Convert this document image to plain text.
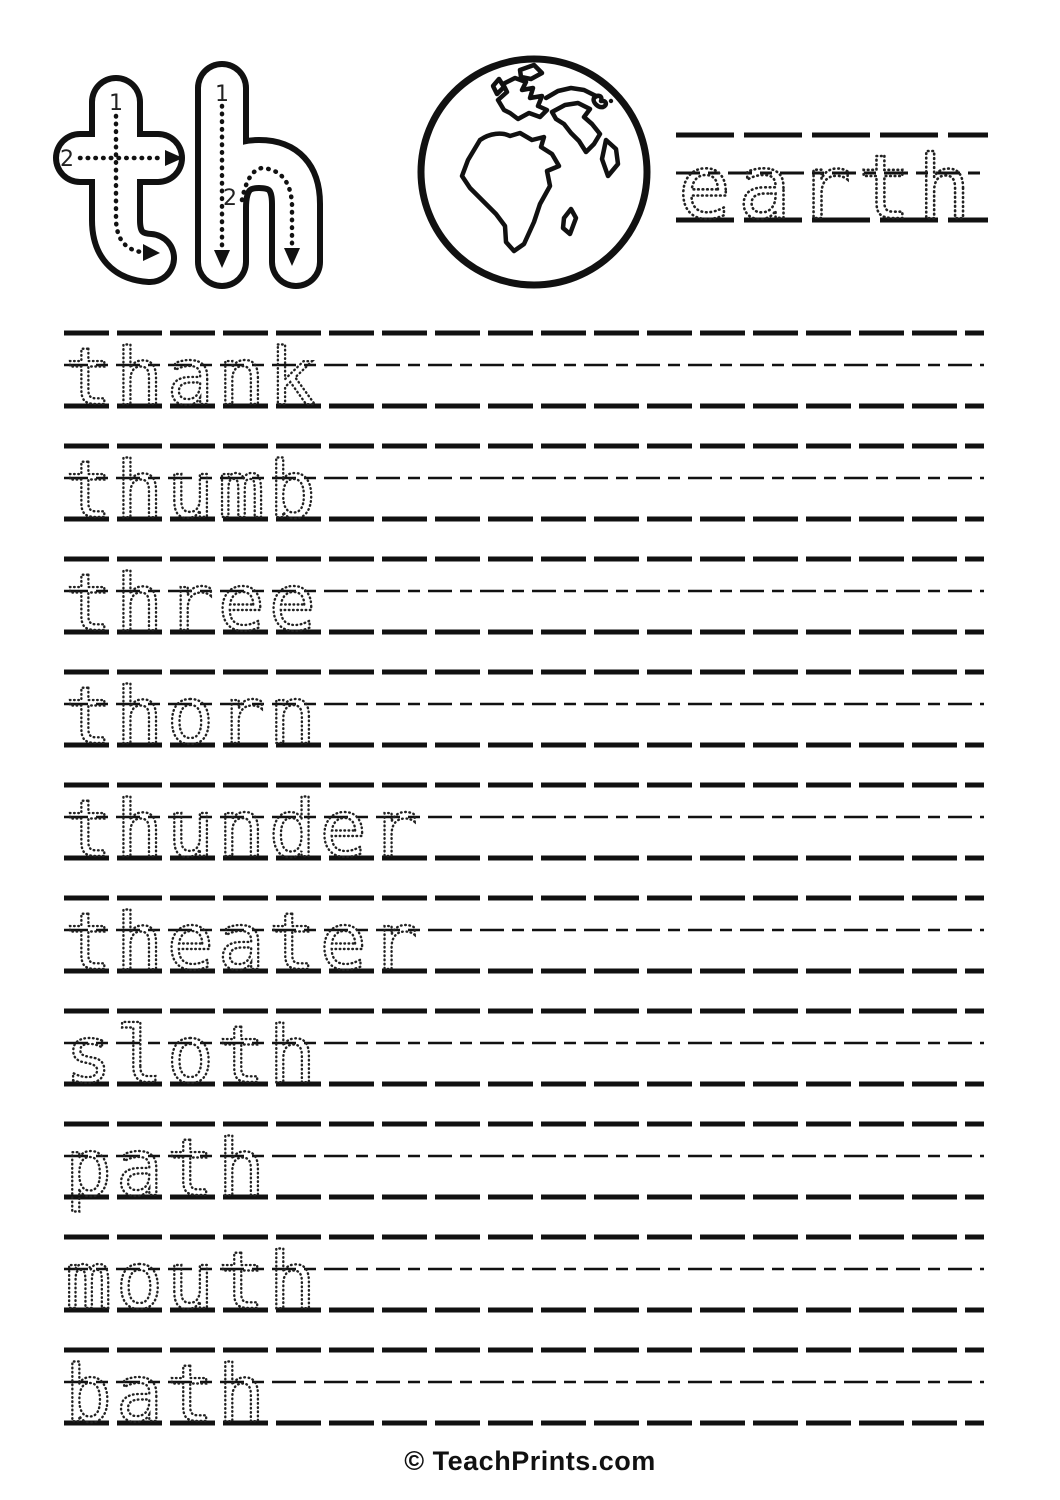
1
2
1
2	earth
thank
thumb
three
thorn
thunder
theater
sloth
path
mouth
bath
© TeachPrints.com
